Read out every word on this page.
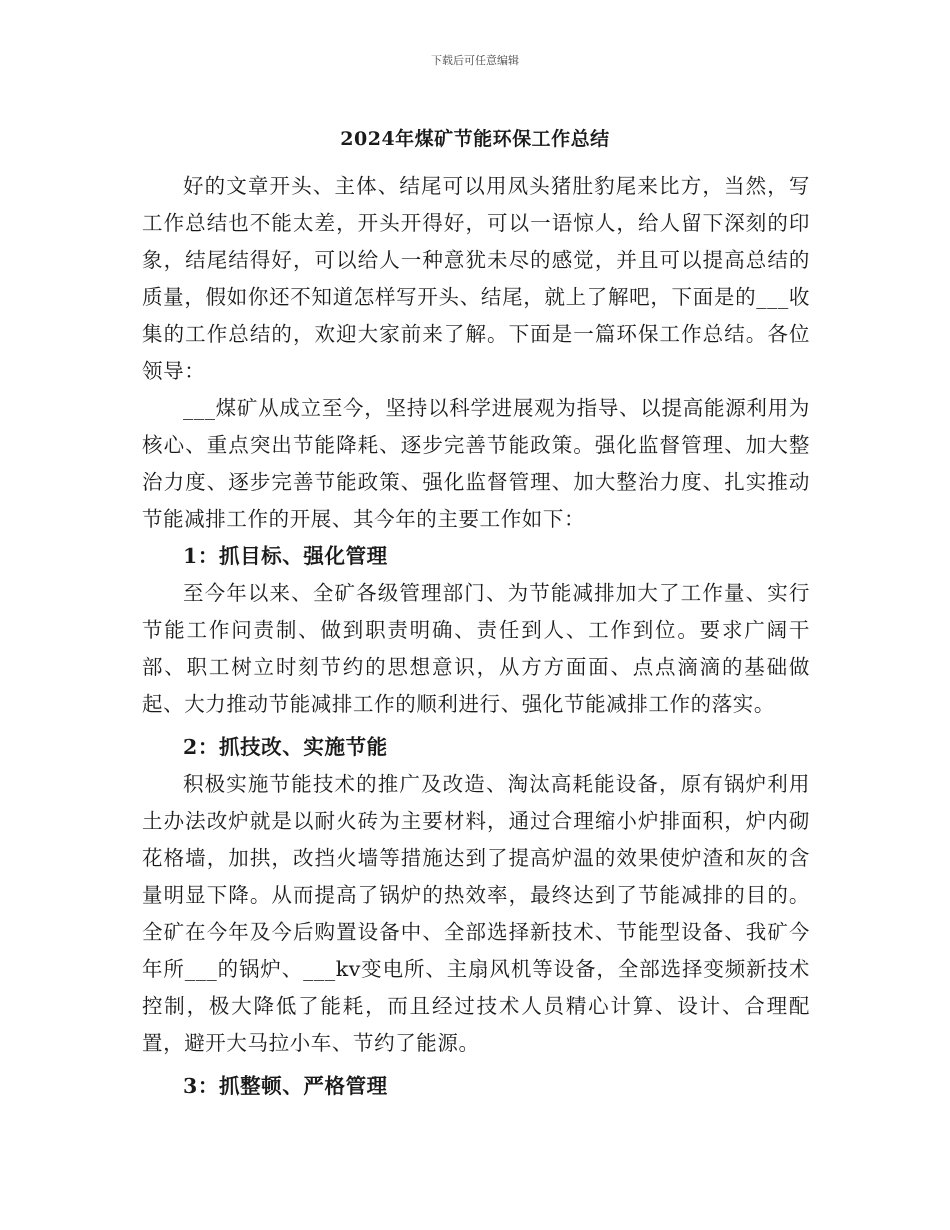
下载后可任意编辑
2024年煤矿节能环保工作总结

好的文章开头、主体、结尾可以用凤头猪肚豹尾来比方，当然，写工作总结也不能太差，开头开得好，可以一语惊人，给人留下深刻的印象，结尾结得好，可以给人一种意犹未尽的感觉，并且可以提高总结的质量，假如你还不知道怎样写开头、结尾，就上了解吧，下面是的___收集的工作总结的，欢迎大家前来了解。下面是一篇环保工作总结。各位领导：

___煤矿从成立至今，坚持以科学进展观为指导、以提高能源利用为核心、重点突出节能降耗、逐步完善节能政策。强化监督管理、加大整治力度、逐步完善节能政策、强化监督管理、加大整治力度、扎实推动节能减排工作的开展、其今年的主要工作如下：

1：抓目标、强化管理

至今年以来、全矿各级管理部门、为节能减排加大了工作量、实行节能工作问责制、做到职责明确、责任到人、工作到位。要求广阔干部、职工树立时刻节约的思想意识，从方方面面、点点滴滴的基础做起、大力推动节能减排工作的顺利进行、强化节能减排工作的落实。

2：抓技改、实施节能

积极实施节能技术的推广及改造、淘汰高耗能设备，原有锅炉利用土办法改炉就是以耐火砖为主要材料，通过合理缩小炉排面积，炉内砌花格墙，加拱，改挡火墙等措施达到了提高炉温的效果使炉渣和灰的含量明显下降。从而提高了锅炉的热效率，最终达到了节能减排的目的。全矿在今年及今后购置设备中、全部选择新技术、节能型设备、我矿今年所___的锅炉、___kv变电所、主扇风机等设备，全部选择变频新技术控制，极大降低了能耗，而且经过技术人员精心计算、设计、合理配置，避开大马拉小车、节约了能源。

3：抓整顿、严格管理
